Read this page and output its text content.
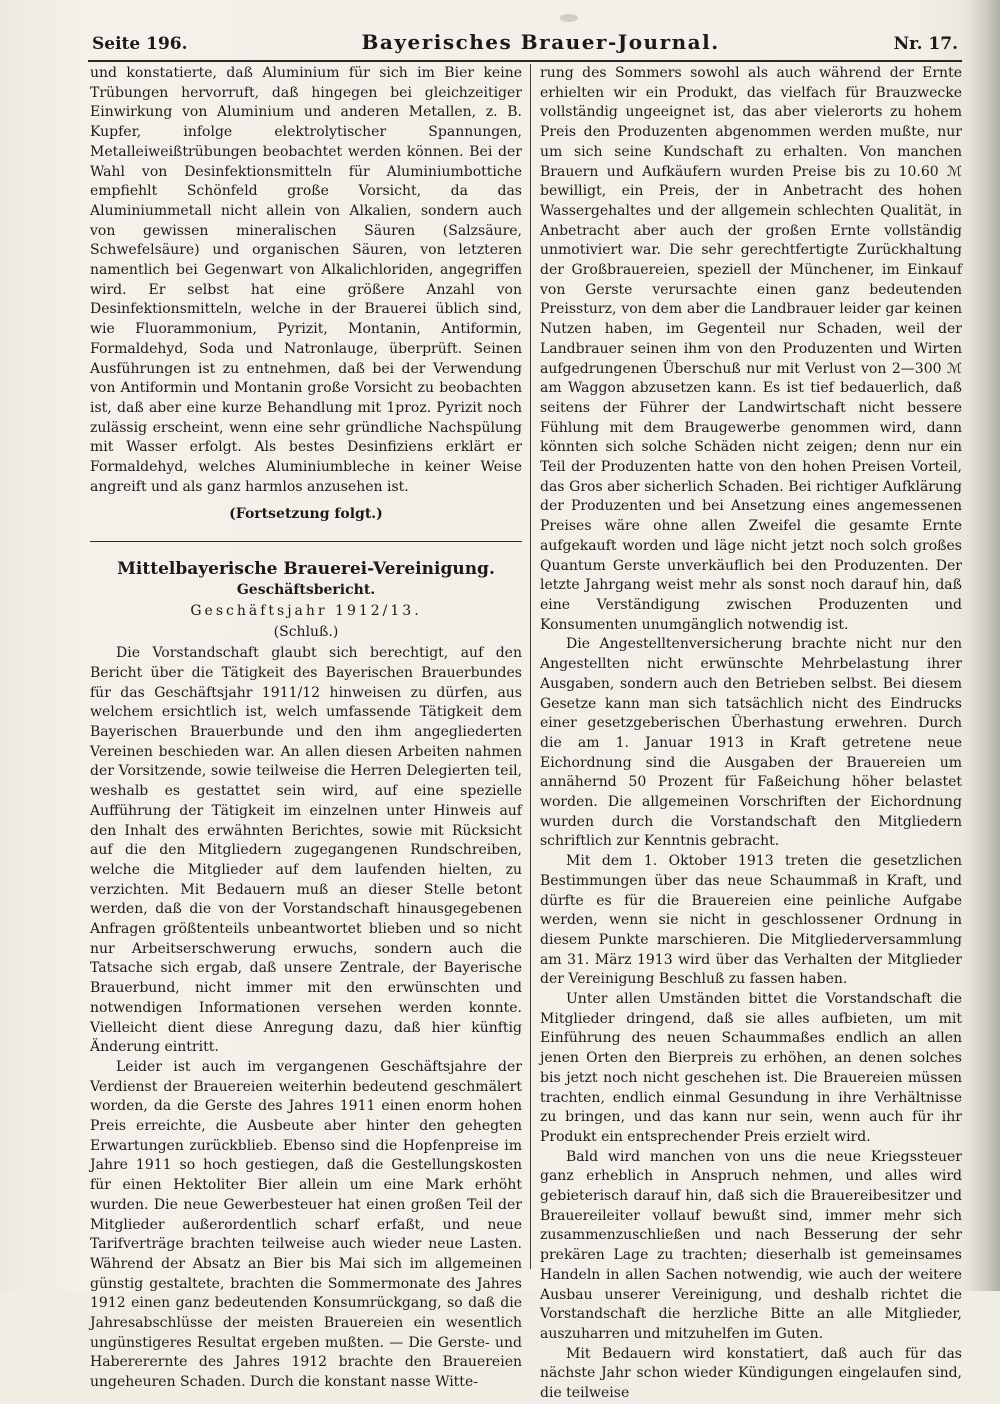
Seite 196.	Bayerisches Brauer-Journal.	Nr. 17.

und konstatierte, daß Aluminium für sich im Bier keine Trübungen hervorruft, daß hingegen bei gleichzeitiger Einwirkung von Aluminium und anderen Metallen, z. B. Kupfer, infolge elektrolytischer Spannungen, Metalleiweißtrübungen beobachtet werden können. Bei der Wahl von Desinfektionsmitteln für Aluminiumbottiche empfiehlt Schönfeld große Vorsicht, da das Aluminiummetall nicht allein von Alkalien, sondern auch von gewissen mineralischen Säuren (Salzsäure, Schwefelsäure) und organischen Säuren, von letzteren namentlich bei Gegenwart von Alkalichloriden, angegriffen wird. Er selbst hat eine größere Anzahl von Desinfektionsmitteln, welche in der Brauerei üblich sind, wie Fluorammonium, Pyrizit, Montanin, Antiformin, Formaldehyd, Soda und Natronlauge, überprüft. Seinen Ausführungen ist zu entnehmen, daß bei der Verwendung von Antiformin und Montanin große Vorsicht zu beobachten ist, daß aber eine kurze Behandlung mit 1proz. Pyrizit noch zulässig erscheint, wenn eine sehr gründliche Nachspülung mit Wasser erfolgt. Als bestes Desinfiziens erklärt er Formaldehyd, welches Aluminiumbleche in keiner Weise angreift und als ganz harmlos anzusehen ist.

(Fortsetzung folgt.)
Mittelbayerische Brauerei-Vereinigung.
Geschäftsbericht.
Geschäftsjahr 1912/13.
(Schluß.)

Die Vorstandschaft glaubt sich berechtigt, auf den Bericht über die Tätigkeit des Bayerischen Brauerbundes für das Geschäftsjahr 1911/12 hinweisen zu dürfen, aus welchem ersichtlich ist, welch umfassende Tätigkeit dem Bayerischen Brauerbunde und den ihm angegliederten Vereinen beschieden war. An allen diesen Arbeiten nahmen der Vorsitzende, sowie teilweise die Herren Delegierten teil, weshalb es gestattet sein wird, auf eine spezielle Aufführung der Tätigkeit im einzelnen unter Hinweis auf den Inhalt des erwähnten Berichtes, sowie mit Rücksicht auf die den Mitgliedern zugegangenen Rundschreiben, welche die Mitglieder auf dem laufenden hielten, zu verzichten. Mit Bedauern muß an dieser Stelle betont werden, daß die von der Vorstandschaft hinausgegebenen Anfragen größtenteils unbeantwortet blieben und so nicht nur Arbeitserschwerung erwuchs, sondern auch die Tatsache sich ergab, daß unsere Zentrale, der Bayerische Brauerbund, nicht immer mit den erwünschten und notwendigen Informationen versehen werden konnte. Vielleicht dient diese Anregung dazu, daß hier künftig Änderung eintritt.

Leider ist auch im vergangenen Geschäftsjahre der Verdienst der Brauereien weiterhin bedeutend geschmälert worden, da die Gerste des Jahres 1911 einen enorm hohen Preis erreichte, die Ausbeute aber hinter den gehegten Erwartungen zurückblieb. Ebenso sind die Hopfenpreise im Jahre 1911 so hoch gestiegen, daß die Gestellungskosten für einen Hektoliter Bier allein um eine Mark erhöht wurden. Die neue Gewerbesteuer hat einen großen Teil der Mitglieder außerordentlich scharf erfaßt, und neue Tarifverträge brachten teilweise auch wieder neue Lasten. Während der Absatz an Bier bis Mai sich im allgemeinen günstig gestaltete, brachten die Sommermonate des Jahres 1912 einen ganz bedeutenden Konsumrückgang, so daß die Jahresabschlüsse der meisten Brauereien ein wesentlich ungünstigeres Resultat ergeben mußten. — Die Gerste- und Habererernte des Jahres 1912 brachte den Brauereien ungeheuren Schaden. Durch die konstant nasse Witte-

rung des Sommers sowohl als auch während der Ernte erhielten wir ein Produkt, das vielfach für Brauzwecke vollständig ungeeignet ist, das aber vielerorts zu hohem Preis den Produzenten abgenommen werden mußte, nur um sich seine Kundschaft zu erhalten. Von manchen Brauern und Aufkäufern wurden Preise bis zu 10.60 ℳ bewilligt, ein Preis, der in Anbetracht des hohen Wassergehaltes und der allgemein schlechten Qualität, in Anbetracht aber auch der großen Ernte vollständig unmotiviert war. Die sehr gerechtfertigte Zurückhaltung der Großbrauereien, speziell der Münchener, im Einkauf von Gerste verursachte einen ganz bedeutenden Preissturz, von dem aber die Landbrauer leider gar keinen Nutzen haben, im Gegenteil nur Schaden, weil der Landbrauer seinen ihm von den Produzenten und Wirten aufgedrungenen Überschuß nur mit Verlust von 2—300 ℳ am Waggon abzusetzen kann. Es ist tief bedauerlich, daß seitens der Führer der Landwirtschaft nicht bessere Fühlung mit dem Braugewerbe genommen wird, dann könnten sich solche Schäden nicht zeigen; denn nur ein Teil der Produzenten hatte von den hohen Preisen Vorteil, das Gros aber sicherlich Schaden. Bei richtiger Aufklärung der Produzenten und bei Ansetzung eines angemessenen Preises wäre ohne allen Zweifel die gesamte Ernte aufgekauft worden und läge nicht jetzt noch solch großes Quantum Gerste unverkäuflich bei den Produzenten. Der letzte Jahrgang weist mehr als sonst noch darauf hin, daß eine Verständigung zwischen Produzenten und Konsumenten unumgänglich notwendig ist.

Die Angestelltenversicherung brachte nicht nur den Angestellten nicht erwünschte Mehrbelastung ihrer Ausgaben, sondern auch den Betrieben selbst. Bei diesem Gesetze kann man sich tatsächlich nicht des Eindrucks einer gesetzgeberischen Überhastung erwehren. Durch die am 1. Januar 1913 in Kraft getretene neue Eichordnung sind die Ausgaben der Brauereien um annähernd 50 Prozent für Faßeichung höher belastet worden. Die allgemeinen Vorschriften der Eichordnung wurden durch die Vorstandschaft den Mitgliedern schriftlich zur Kenntnis gebracht.

Mit dem 1. Oktober 1913 treten die gesetzlichen Bestimmungen über das neue Schaummaß in Kraft, und dürfte es für die Brauereien eine peinliche Aufgabe werden, wenn sie nicht in geschlossener Ordnung in diesem Punkte marschieren. Die Mitgliederversammlung am 31. März 1913 wird über das Verhalten der Mitglieder der Vereinigung Beschluß zu fassen haben.

Unter allen Umständen bittet die Vorstandschaft die Mitglieder dringend, daß sie alles aufbieten, um mit Einführung des neuen Schaummaßes endlich an allen jenen Orten den Bierpreis zu erhöhen, an denen solches bis jetzt noch nicht geschehen ist. Die Brauereien müssen trachten, endlich einmal Gesundung in ihre Verhältnisse zu bringen, und das kann nur sein, wenn auch für ihr Produkt ein entsprechender Preis erzielt wird.

Bald wird manchen von uns die neue Kriegssteuer ganz erheblich in Anspruch nehmen, und alles wird gebieterisch darauf hin, daß sich die Brauereibesitzer und Brauereileiter vollauf bewußt sind, immer mehr sich zusammenzuschließen und nach Besserung der sehr prekären Lage zu trachten; dieserhalb ist gemeinsames Handeln in allen Sachen notwendig, wie auch der weitere Ausbau unserer Vereinigung, und deshalb richtet die Vorstandschaft die herzliche Bitte an alle Mitglieder, auszuharren und mitzuhelfen im Guten.

Mit Bedauern wird konstatiert, daß auch für das nächste Jahr schon wieder Kündigungen eingelaufen sind, die teilweise
